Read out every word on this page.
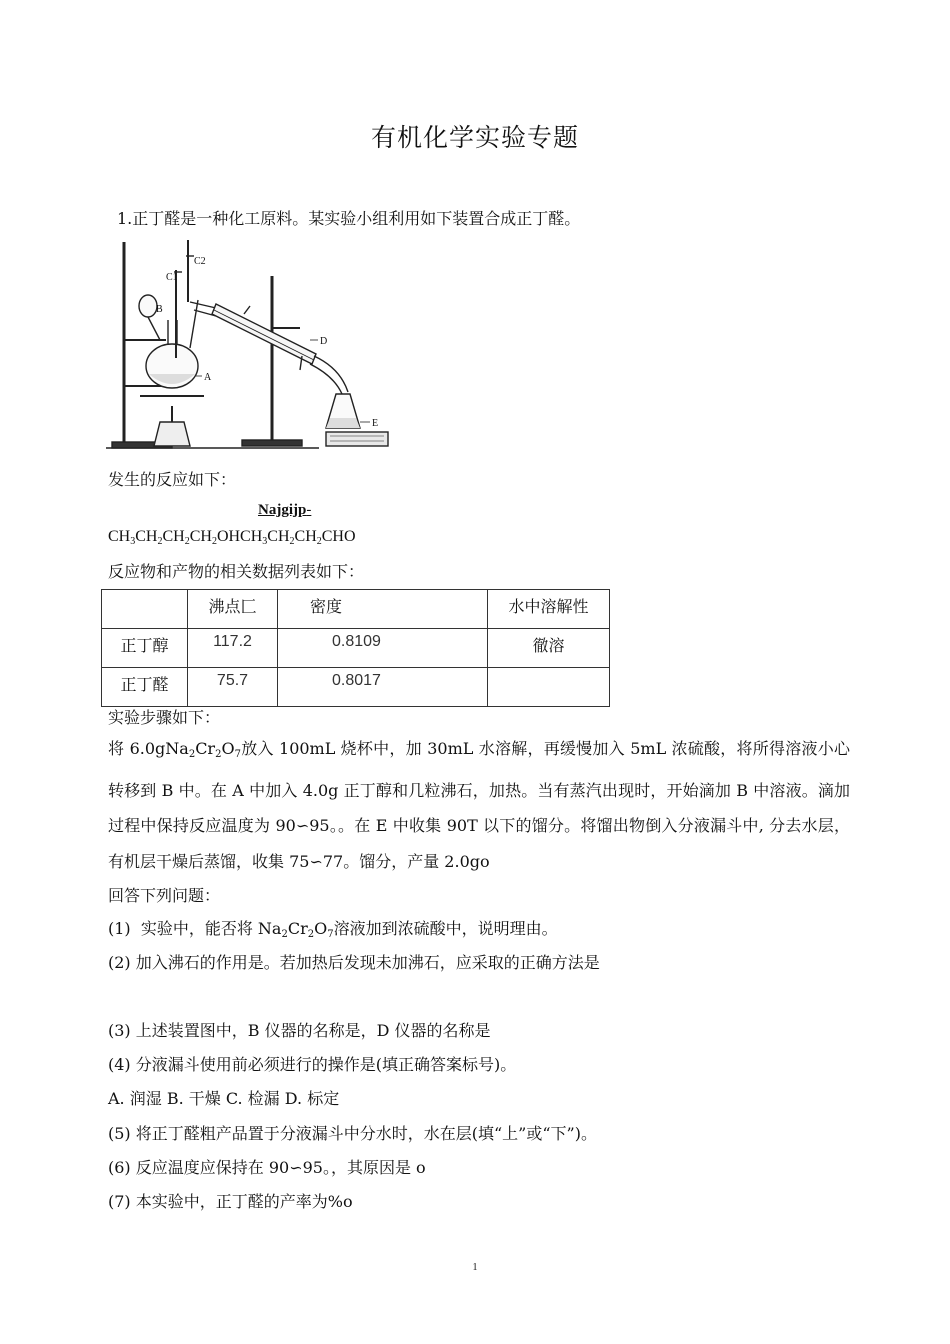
有机化学实验专题
1.正丁醛是一种化工原料。某实验小组利用如下装置合成正丁醛。
C1
C2
B
A
D
E
发生的反应如下：
Najgijp-
$CH_3CH_2CH_2CH_2OHCH_3CH_2CH_2CHO$
反应物和产物的相关数据列表如下：
	沸点匚	密度	水中溶解性
正丁醇	117.2	0.8109	徹溶
正丁醛	75.7	0.8017	
实验步骤如下：
将 $6.0gNa_2Cr_2O_7$放入 100mL 烧杯中，加 30mL 水溶解，再缓慢加入 5mL 浓硫酸，将所得溶液小心转移到 B 中。在 A 中加入 4.0g 正丁醇和几粒沸石，加热。当有蒸汽出现时，开始滴加 B 中溶液。滴加过程中保持反应温度为 90∽95。。在 E 中收集 90T 以下的馏分。将馏出物倒入分液漏斗中, 分去水层，有机层干燥后蒸馏，收集 75∽77。馏分，产量 2.0go
回答下列问题：
(1) 实验中，能否将 $Na_2Cr_2O_7$溶液加到浓硫酸中，说明理由。
(2) 加入沸石的作用是。若加热后发现未加沸石，应采取的正确方法是
(3) 上述装置图中，B 仪器的名称是，D 仪器的名称是
(4) 分液漏斗使用前必须进行的操作是(填正确答案标号)。
A. 润湿 B. 干燥 C. 检漏 D. 标定
(5) 将正丁醛粗产品置于分液漏斗中分水时，水在层(填“上”或“下”)。
(6) 反应温度应保持在 90∽95。，其原因是 o
(7) 本实验中，正丁醛的产率为%o
1
